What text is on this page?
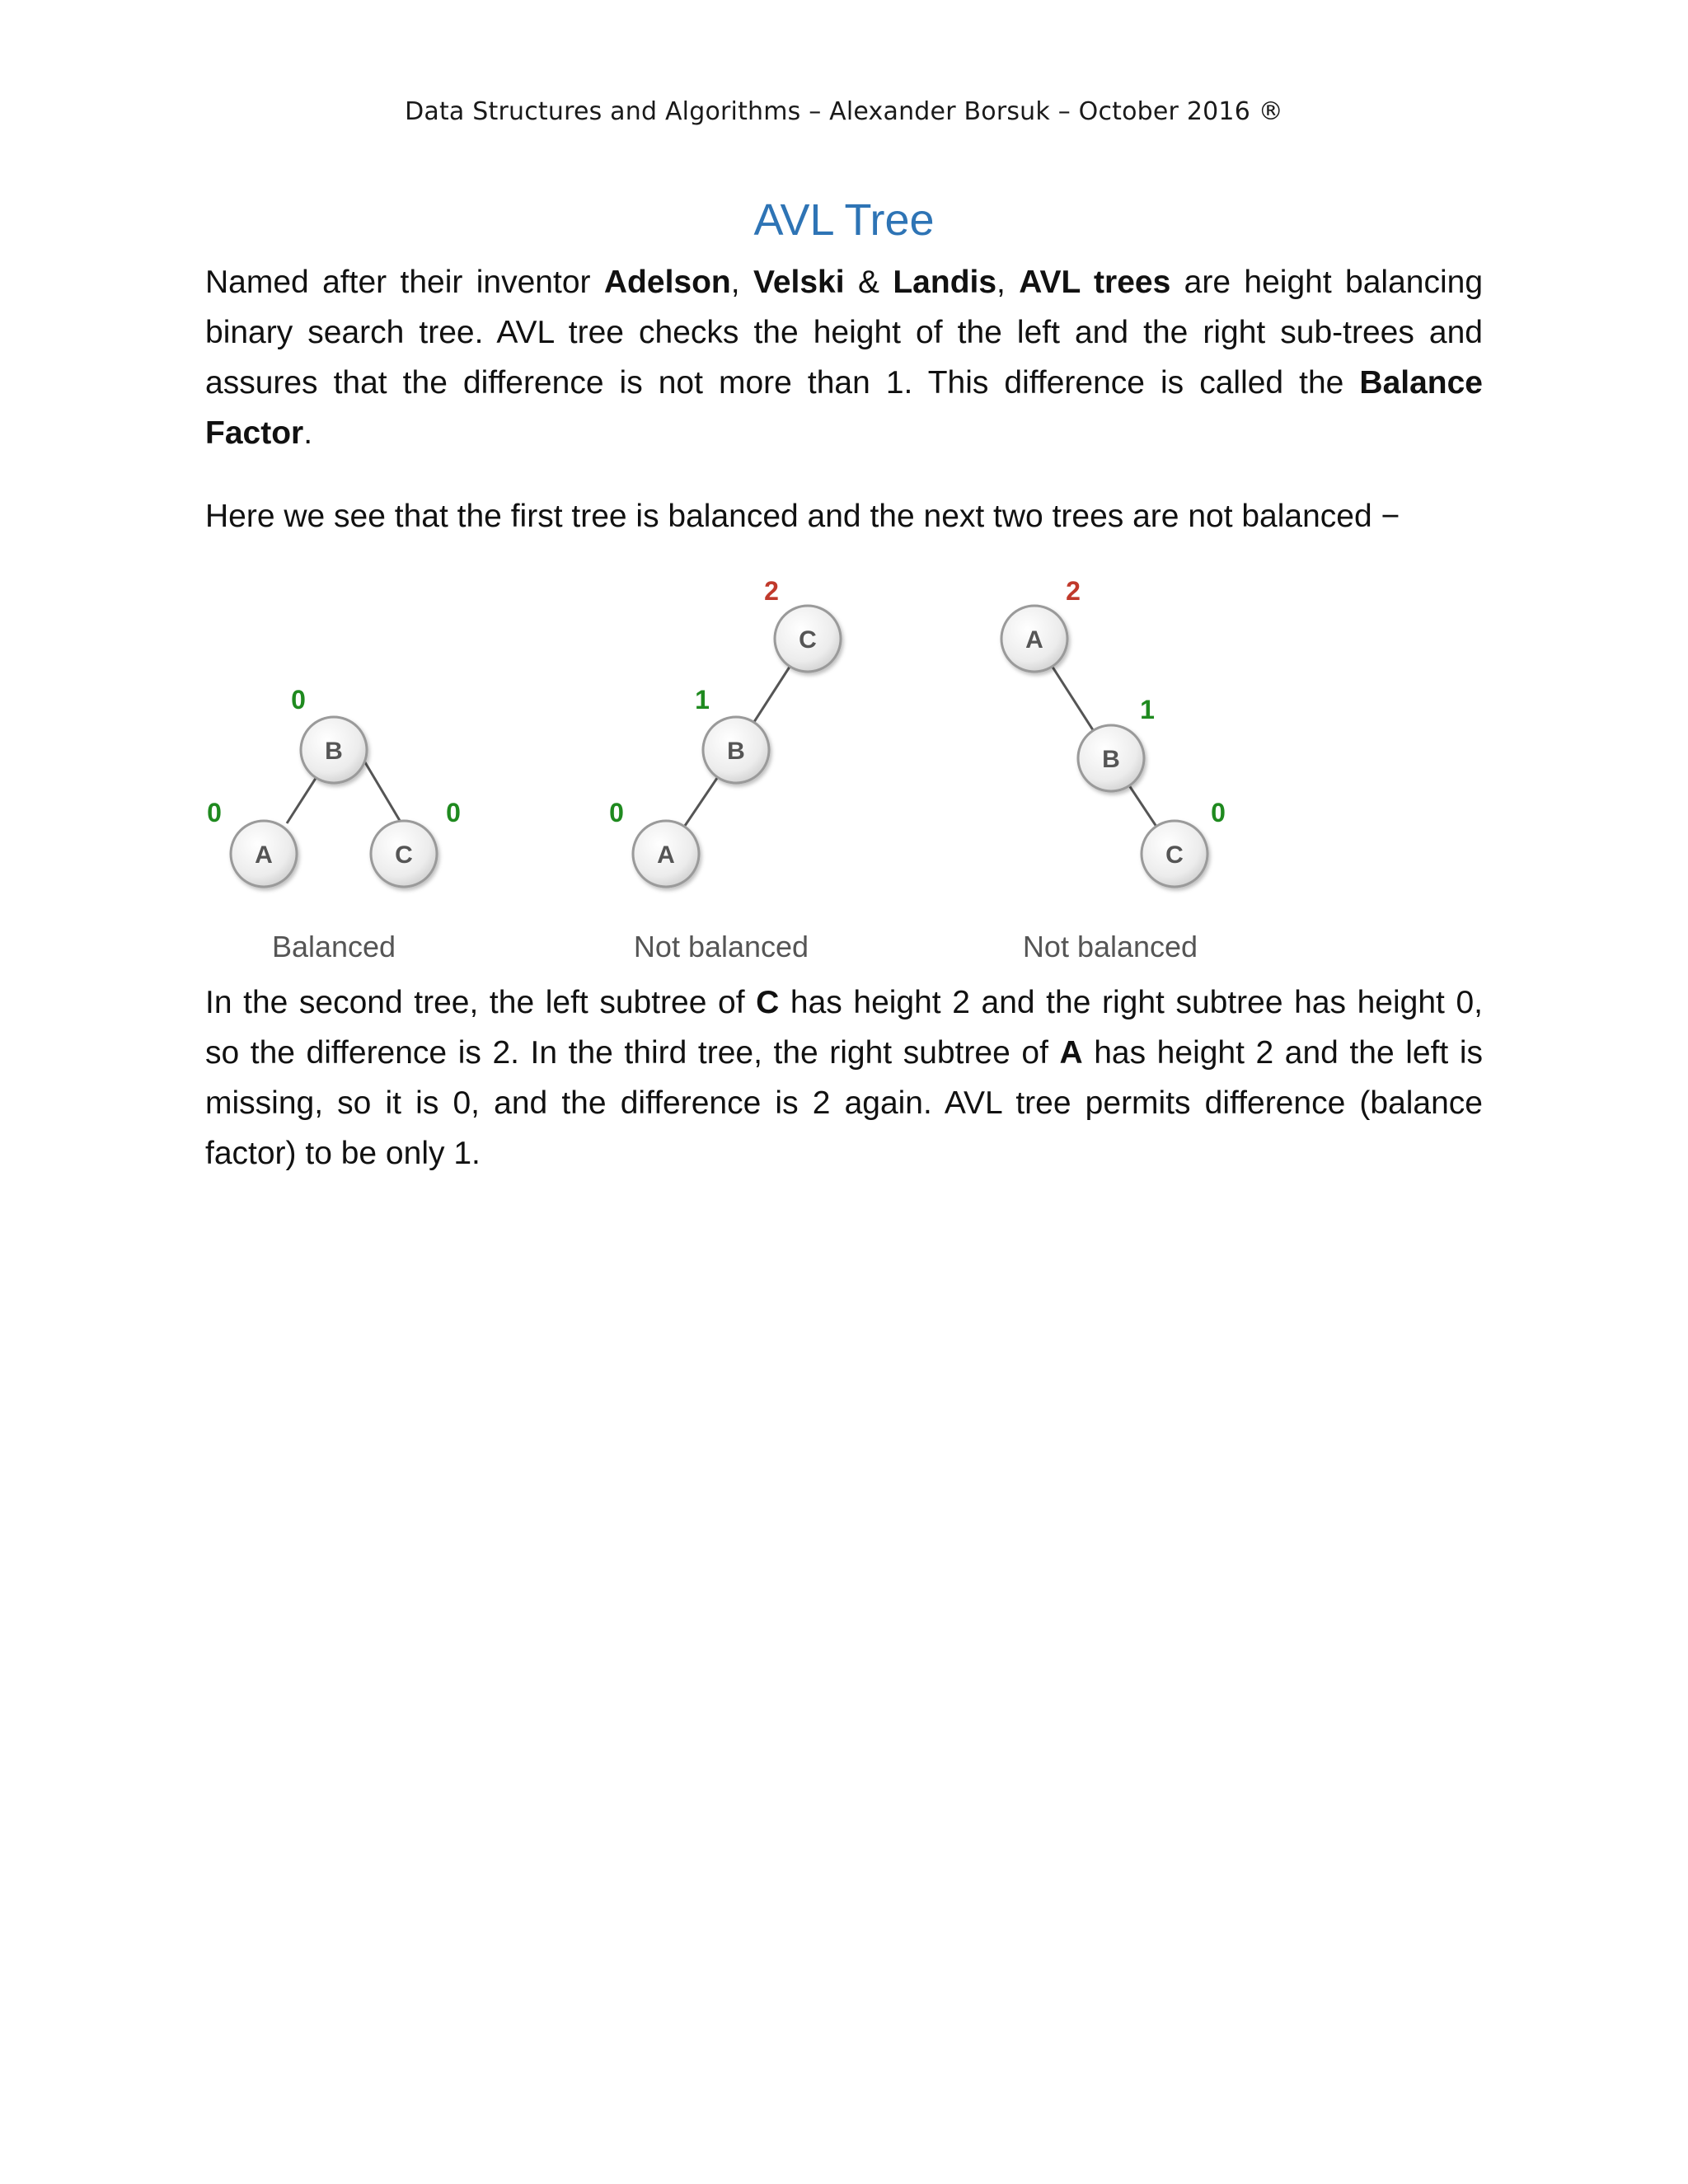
Data Structures and Algorithms – Alexander Borsuk – October 2016 ®
AVL Tree
Named after their inventor Adelson, Velski & Landis, AVL trees are height balancing binary search tree. AVL tree checks the height of the left and the right sub-trees and assures that the difference is not more than 1. This difference is called the Balance Factor.
Here we see that the first tree is balanced and the next two trees are not balanced −
B
A	C
0
0	0
Balanced
C
B
A
2
1
0
Not balanced
A
B
C
2
1
0
Not balanced
In the second tree, the left subtree of C has height 2 and the right subtree has height 0, so the difference is 2. In the third tree, the right subtree of A has height 2 and the left is missing, so it is 0, and the difference is 2 again. AVL tree permits difference (balance factor) to be only 1.
